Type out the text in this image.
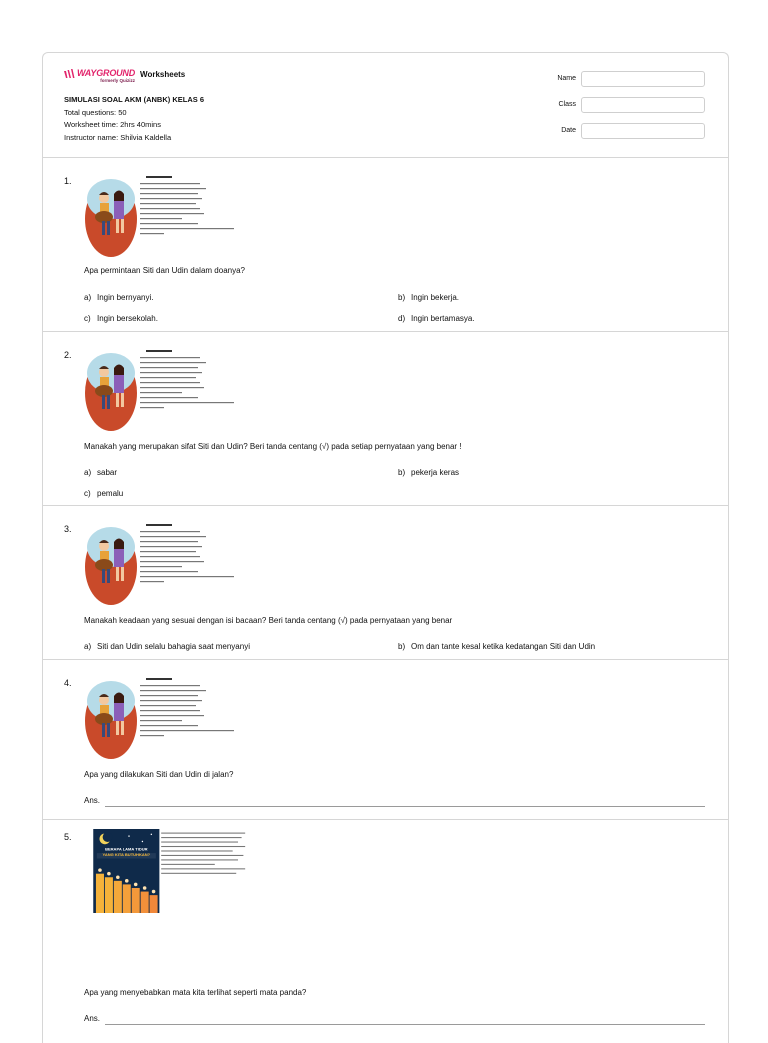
WAYGROUND
formerly Quizizz
Worksheets
SIMULASI SOAL AKM (ANBK) KELAS 6
Total questions: 50
Worksheet time: 2hrs 40mins
Instructor name: Shilvia Kaldella
Name
Class
Date
1.
Apa permintaan Siti dan Udin dalam doanya?
a) Ingin bernyanyi.	b) Ingin bekerja.
c) Ingin bersekolah.	d) Ingin bertamasya.
2.
Manakah yang merupakan sifat Siti dan Udin? Beri tanda centang (√) pada setiap pernyataan yang benar !
a) sabar	b) pekerja keras
c) pemalu
3.
Manakah keadaan yang sesuai dengan isi bacaan? Beri tanda centang (√) pada pernyataan yang benar
a) Siti dan Udin selalu bahagia saat menyanyi	b) Om dan tante kesal ketika kedatangan Siti dan Udin
4.
Apa yang dilakukan Siti dan Udin di jalan?
Ans.
5.
BERAPA LAMA TIDUR
YANG KITA BUTUHKAN?
Apa yang menyebabkan mata kita terlihat seperti mata panda?
Ans.
